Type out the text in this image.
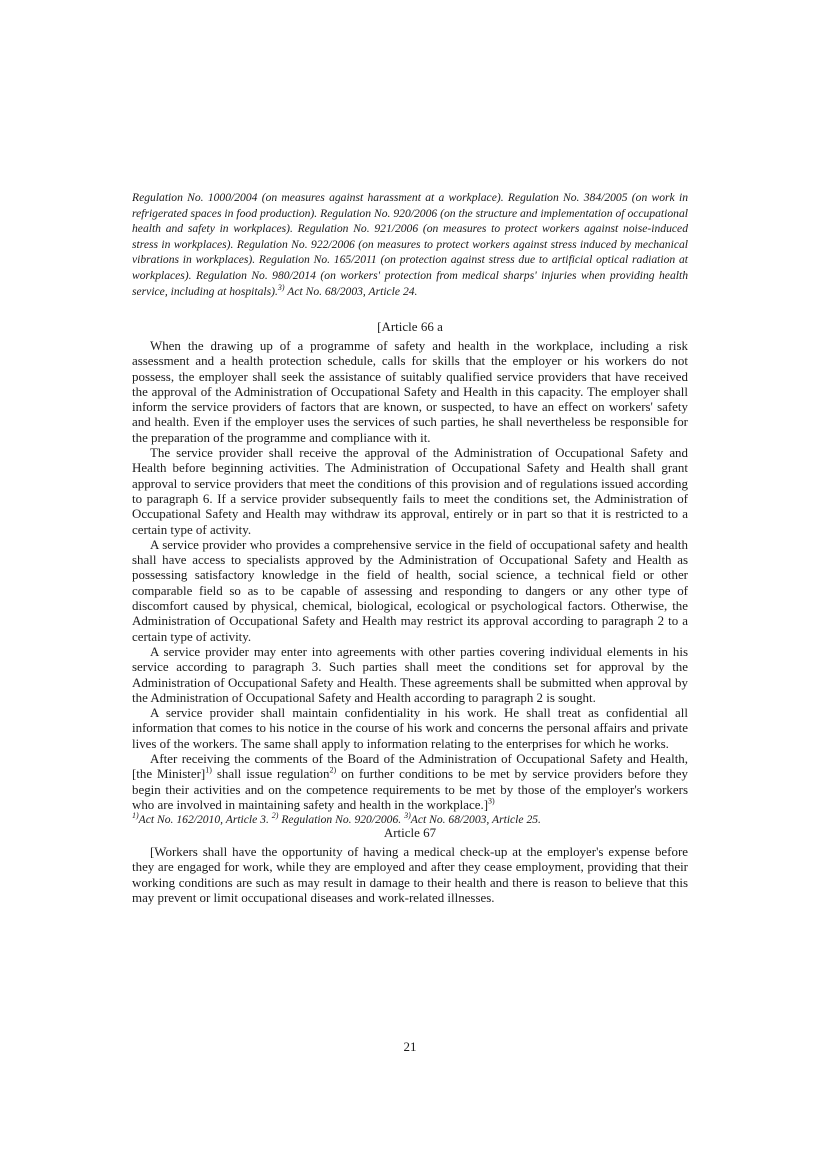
Regulation No. 1000/2004 (on measures against harassment at a workplace). Regulation No. 384/2005 (on work in refrigerated spaces in food production). Regulation No. 920/2006 (on the structure and implementation of occupational health and safety in workplaces). Regulation No. 921/2006 (on measures to protect workers against noise-induced stress in workplaces). Regulation No. 922/2006 (on measures to protect workers against stress induced by mechanical vibrations in workplaces). Regulation No. 165/2011 (on protection against stress due to artificial optical radiation at workplaces). Regulation No. 980/2014 (on workers' protection from medical sharps' injuries when providing health service, including at hospitals).$^{3)}$ Act No. 68/2003, Article 24.

[Article 66 a

When the drawing up of a programme of safety and health in the workplace, including a risk assessment and a health protection schedule, calls for skills that the employer or his workers do not possess, the employer shall seek the assistance of suitably qualified service providers that have received the approval of the Administration of Occupational Safety and Health in this capacity. The employer shall inform the service providers of factors that are known, or suspected, to have an effect on workers' safety and health. Even if the employer uses the services of such parties, he shall nevertheless be responsible for the preparation of the programme and compliance with it.

The service provider shall receive the approval of the Administration of Occupational Safety and Health before beginning activities. The Administration of Occupational Safety and Health shall grant approval to service providers that meet the conditions of this provision and of regulations issued according to paragraph 6. If a service provider subsequently fails to meet the conditions set, the Administration of Occupational Safety and Health may withdraw its approval, entirely or in part so that it is restricted to a certain type of activity.

A service provider who provides a comprehensive service in the field of occupational safety and health shall have access to specialists approved by the Administration of Occupational Safety and Health as possessing satisfactory knowledge in the field of health, social science, a technical field or other comparable field so as to be capable of assessing and responding to dangers or any other type of discomfort caused by physical, chemical, biological, ecological or psychological factors. Otherwise, the Administration of Occupational Safety and Health may restrict its approval according to paragraph 2 to a certain type of activity.

A service provider may enter into agreements with other parties covering individual elements in his service according to paragraph 3. Such parties shall meet the conditions set for approval by the Administration of Occupational Safety and Health. These agreements shall be submitted when approval by the Administration of Occupational Safety and Health according to paragraph 2 is sought.

A service provider shall maintain confidentiality in his work. He shall treat as confidential all information that comes to his notice in the course of his work and concerns the personal affairs and private lives of the workers. The same shall apply to information relating to the enterprises for which he works.

After receiving the comments of the Board of the Administration of Occupational Safety and Health, [the Minister]$^{1)}$ shall issue regulation$^{2)}$ on further conditions to be met by service providers before they begin their activities and on the competence requirements to be met by those of the employer's workers who are involved in maintaining safety and health in the workplace.]$^{3)}$

$^{1)}$Act No. 162/2010, Article 3. $^{2)}$ Regulation No. 920/2006. $^{3)}$Act No. 68/2003, Article 25.

Article 67

[Workers shall have the opportunity of having a medical check-up at the employer's expense before they are engaged for work, while they are employed and after they cease employment, providing that their working conditions are such as may result in damage to their health and there is reason to believe that this may prevent or limit occupational diseases and work-related illnesses.

21
